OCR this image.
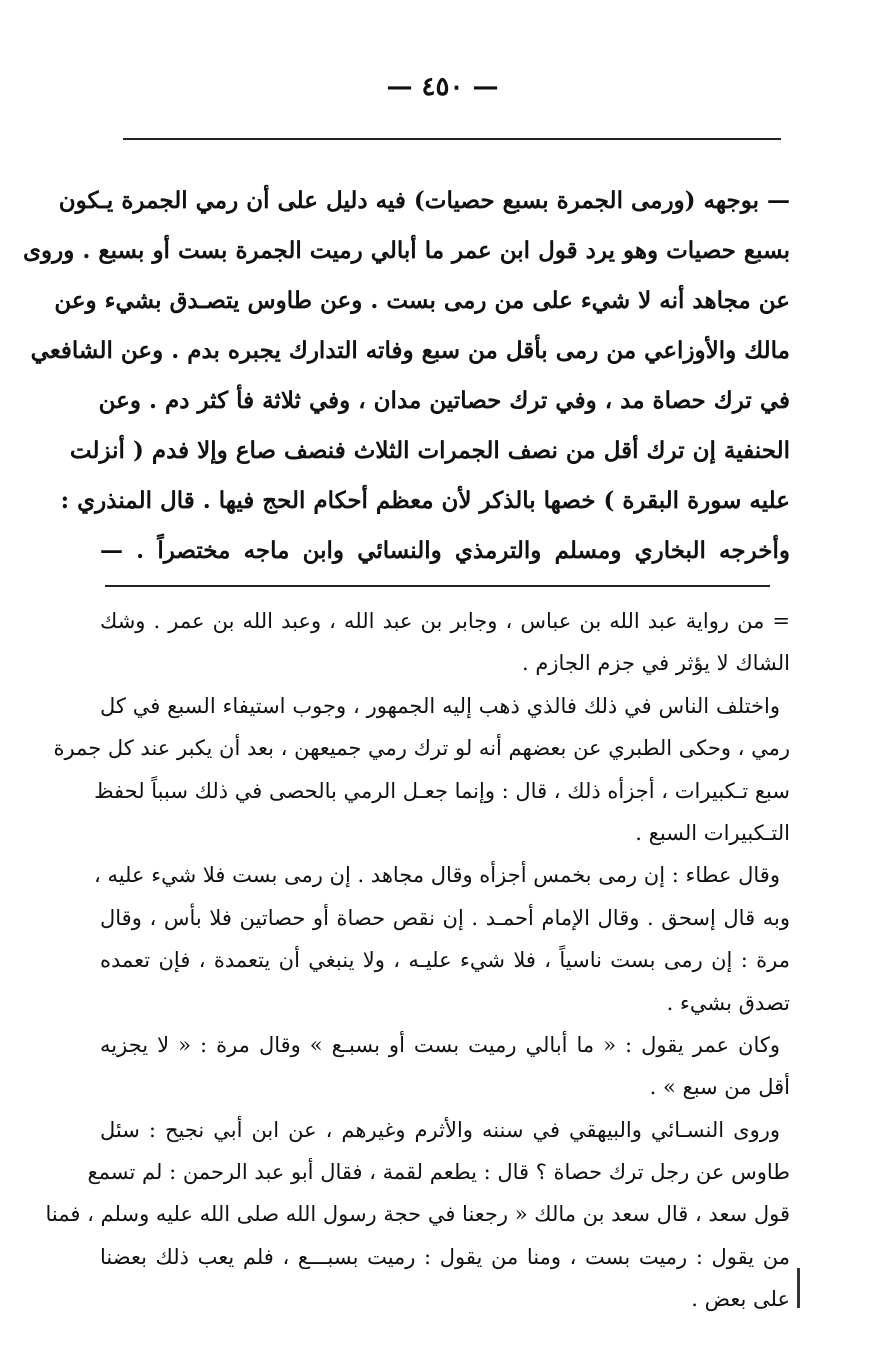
— ٤٥٠ —
— بوجهه (ورمى الجمرة بسبع حصيات) فيه دليل على أن رمي الجمرة يـكون
بسبع حصيات وهو يرد قول ابن عمر ما أبالي رميت الجمرة بست أو بسبع . وروى
عن مجاهد أنه لا شيء على من رمى بست . وعن طاوس يتصـدق بشيء وعن
مالك والأوزاعي من رمى بأقل من سبع وفاته التدارك يجبره بدم . وعن الشافعي
في ترك حصاة مد ، وفي ترك حصاتين مدان ، وفي ثلاثة فأ كثر دم . وعن
الحنفية إن ترك أقل من نصف الجمرات الثلاث فنصف صاع وإلا فدم ( أنزلت
عليه سورة البقرة ) خصها بالذكر لأن معظم أحكام الحج فيها . قال المنذري :
وأخرجه البخاري ومسلم والترمذي والنسائي وابن ماجه مختصراً . —
= من رواية عبد الله بن عباس ، وجابر بن عبد الله ، وعبد الله بن عمر . وشك
الشاك لا يؤثر في جزم الجازم .
واختلف الناس في ذلك فالذي ذهب إليه الجمهور ، وجوب استيفاء السبع في كل
رمي ، وحكى الطبري عن بعضهم أنه لو ترك رمي جميعهن ، بعد أن يكبر عند كل جمرة
سبع تـكبيرات ، أجزأه ذلك ، قال : وإنما جعـل الرمي بالحصى في ذلك سبباً لحفظ
التـكبيرات السبع .
وقال عطاء : إن رمى بخمس أجزأه وقال مجاهد . إن رمى بست فلا شيء عليه ،
وبه قال إسحق . وقال الإمام أحمـد . إن نقص حصاة أو حصاتين فلا بأس ، وقال
مرة : إن رمى بست ناسياً ، فلا شيء عليـه ، ولا ينبغي أن يتعمدة ، فإن تعمده
تصدق بشيء .
وكان عمر يقول : « ما أبالي رميت بست أو بسبـع » وقال مرة : « لا يجزيه
أقل من سبع » .
وروى النسـائي والبيهقي في سننه والأثرم وغيرهم ، عن ابن أبي نجيح : سئل
طاوس عن رجل ترك حصاة ؟ قال : يطعم لقمة ، فقال أبو عبد الرحمن : لم تسمع
قول سعد ، قال سعد بن مالك « رجعنا في حجة رسول الله صلى الله عليه وسلم ، فمنا
من يقول : رميت بست ، ومنا من يقول : رميت بسبـــع ، فلم يعب ذلك بعضنا
على بعض .
